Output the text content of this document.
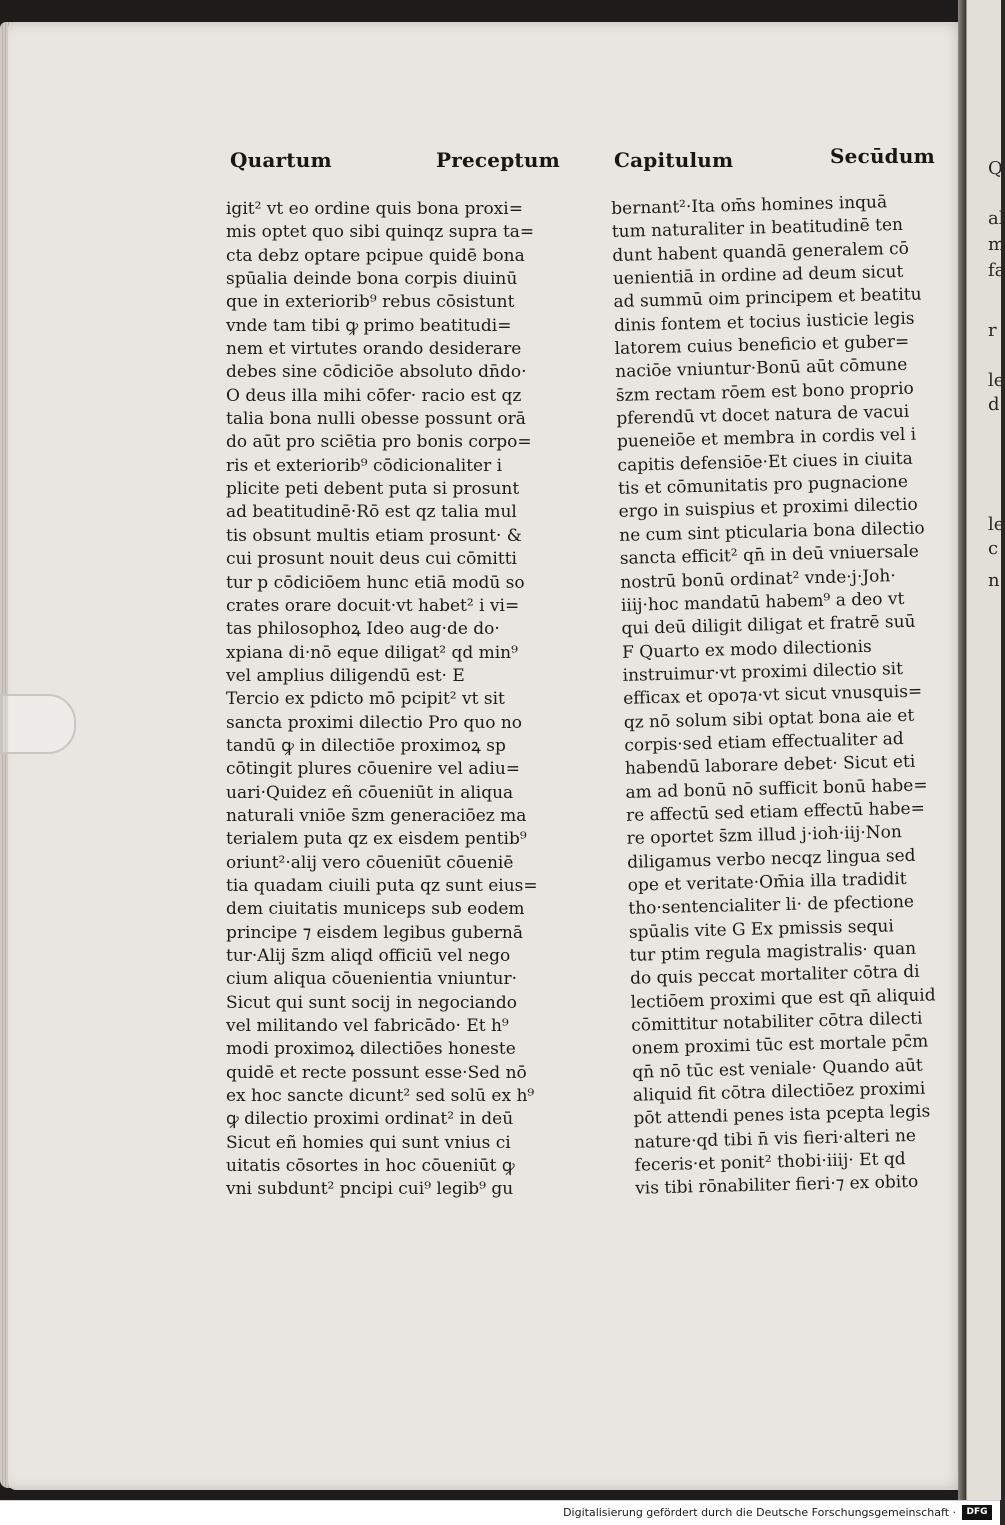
Q
al
m
fa
r
le
d
le
c
n
Quartum	Preceptum	Capitulum	Secūdum
igit² vt eo ordine quis bona proxi=
mis optet quo sibi quinqz supra ta=
cta debz optare pcipue quidē bona
spūalia deinde bona corpis diuinū
que in exteriorib⁹ rebus cōsistunt
vnde tam tibi ꝙ primo beatitudi=
nem et virtutes orando desiderare
debes sine cōdiciōe absoluto dn̄do·
O deus illa mihi cōfer· racio est qz
talia bona nulli obesse possunt orā
do aūt pro sciētia pro bonis corpo=
ris et exteriorib⁹ cōdicionaliter i
plicite peti debent puta si prosunt
ad beatitudinē·Rō est qz talia mul
tis obsunt multis etiam prosunt· &
cui prosunt nouit deus cui cōmitti
tur p cōdiciōem hunc etiā modū so
crates orare docuit·vt habet² i vi=
tas philosophoꝝ Ideo aug·de do·
xpiana di·nō eque diligat² qd min⁹
vel amplius diligendū est· E
Tercio ex pdicto mō pcipit² vt sit
sancta proximi dilectio Pro quo no
tandū ꝙ in dilectiōe proximoꝝ sp
cōtingit plures cōuenire vel adiu=
uari·Quidez eñ cōueniūt in aliqua
naturali vniōe s̄zm generaciōez ma
terialem puta qz ex eisdem pentib⁹
oriunt²·alij vero cōueniūt cōueniē
tia quadam ciuili puta qz sunt eius=
dem ciuitatis municeps sub eodem
principe ⁊ eisdem legibus gubernā
tur·Alij s̄zm aliqd officiū vel nego
cium aliqua cōuenientia vniuntur·
Sicut qui sunt socij in negociando
vel militando vel fabricādo· Et h⁹
modi proximoꝝ dilectiōes honeste
quidē et recte possunt esse·Sed nō
ex hoc sancte dicunt² sed solū ex h⁹
ꝙ dilectio proximi ordinat² in deū
Sicut eñ homies qui sunt vnius ci
uitatis cōsortes in hoc cōueniūt ꝙ
vni subdunt² pncipi cui⁹ legib⁹ gu
bernant²·Ita om̄s homines inquā
tum naturaliter in beatitudinē ten
dunt habent quandā generalem cō
uenientiā in ordine ad deum sicut
ad summū oim principem et beatitu
dinis fontem et tocius iusticie legis
latorem cuius beneficio et guber=
naciōe vniuntur·Bonū aūt cōmune
s̄zm rectam rōem est bono proprio
pferendū vt docet natura de vacui
pueneiōe et membra in cordis vel i
capitis defensiōe·Et ciues in ciuita
tis et cōmunitatis pro pugnacione
ergo in suispius et proximi dilectio
ne cum sint pticularia bona dilectio
sancta efficit² qn̄ in deū vniuersale
nostrū bonū ordinat² vnde·j·Joh·
iiij·hoc mandatū habem⁹ a deo vt
qui deū diligit diligat et fratrē suū
F Quarto ex modo dilectionis
instruimur·vt proximi dilectio sit
efficax et opo⁊a·vt sicut vnusquis=
qz nō solum sibi optat bona aie et
corpis·sed etiam effectualiter ad
habendū laborare debet· Sicut eti
am ad bonū nō sufficit bonū habe=
re affectū sed etiam effectū habe=
re oportet s̄zm illud j·ioh·iij·Non
diligamus verbo necqz lingua sed
ope et veritate·Om̄ia illa tradidit
tho·sentencialiter li· de pfectione
spūalis vite G Ex pmissis sequi
tur ptim regula magistralis· quan
do quis peccat mortaliter cōtra di
lectiōem proximi que est qn̄ aliquid
cōmittitur notabiliter cōtra dilecti
onem proximi tūc est mortale pc̄m
qn̄ nō tūc est veniale· Quando aūt
aliquid fit cōtra dilectiōez proximi
pōt attendi penes ista pcepta legis
nature·qd tibi n̄ vis fieri·alteri ne
feceris·et ponit² thobi·iiij· Et qd
vis tibi rōnabiliter fieri·⁊ ex obito
Digitalisierung gefördert durch die Deutsche Forschungsgemeinschaft ·	DFG
